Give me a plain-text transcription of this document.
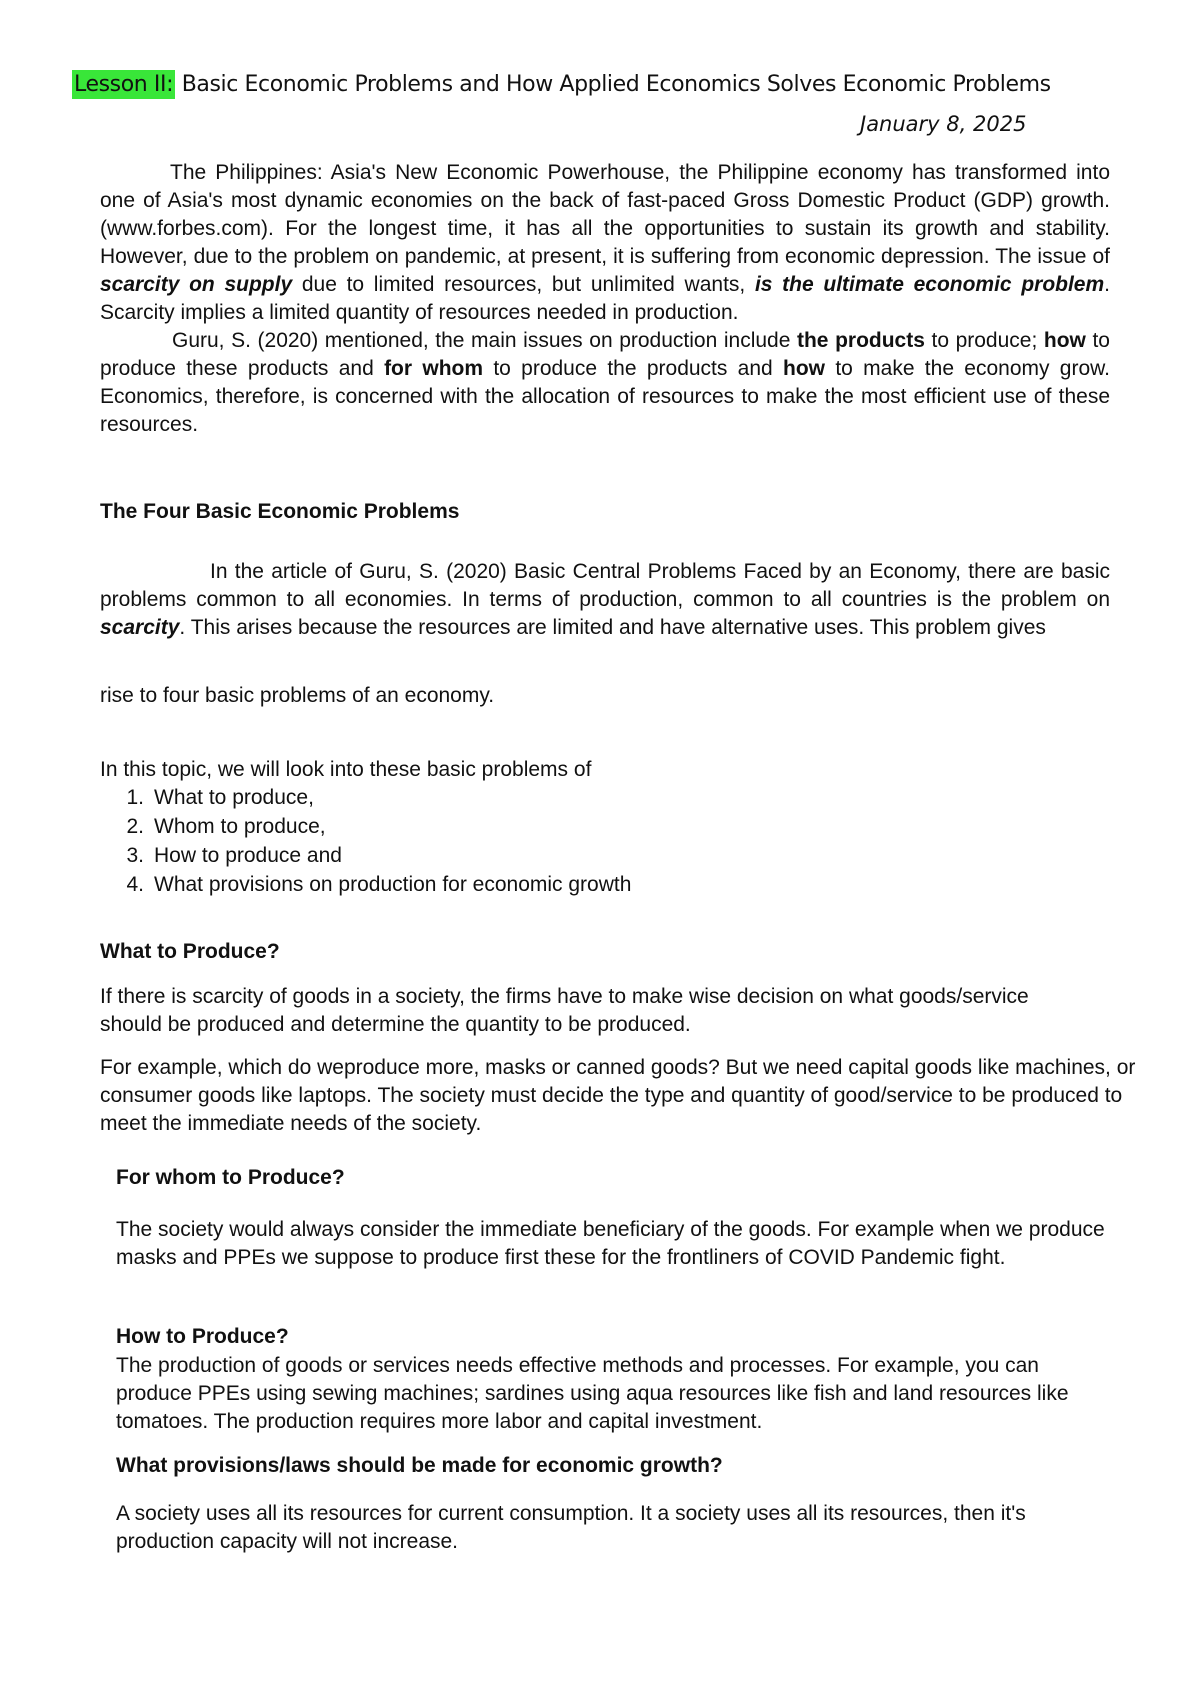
Lesson II: Basic Economic Problems and How Applied Economics Solves Economic Problems
January 8, 2025

The Philippines: Asia's New Economic Powerhouse, the Philippine economy has transformed into one of Asia's most dynamic economies on the back of fast-paced Gross Domestic Product (GDP) growth.(www.forbes.com). For the longest time, it has all the opportunities to sustain its growth and stability. However, due to the problem on pandemic, at present, it is suffering from economic depression. The issue of scarcity on supply due to limited resources, but unlimited wants, is the ultimate economic problem. Scarcity implies a limited quantity of resources needed in production.

Guru, S. (2020) mentioned, the main issues on production include the products to produce; how to produce these products and for whom to produce the products and how to make the economy grow. Economics, therefore, is concerned with the allocation of resources to make the most efficient use of these resources.

The Four Basic Economic Problems

In the article of Guru, S. (2020) Basic Central Problems Faced by an Economy, there are basic problems common to all economies. In terms of production, common to all countries is the problem on scarcity. This arises because the resources are limited and have alternative uses. This problem gives

rise to four basic problems of an economy.
In this topic, we will look into these basic problems of
1. What to produce,
2. Whom to produce,
3. How to produce and
4. What provisions on production for economic growth
What to Produce?
If there is scarcity of goods in a society, the firms have to make wise decision on what goods/service should be produced and determine the quantity to be produced.
For example, which do weproduce more, masks or canned goods? But we need capital goods like machines, or consumer goods like laptops. The society must decide the type and quantity of good/service to be produced to meet the immediate needs of the society.
For whom to Produce?
The society would always consider the immediate beneficiary of the goods. For example when we produce masks and PPEs we suppose to produce first these for the frontliners of COVID Pandemic fight.
How to Produce?
The production of goods or services needs effective methods and processes. For example, you can produce PPEs using sewing machines; sardines using aqua resources like fish and land resources like tomatoes. The production requires more labor and capital investment.
What provisions/laws should be made for economic growth?
A society uses all its resources for current consumption. It a society uses all its resources, then it's production capacity will not increase.
